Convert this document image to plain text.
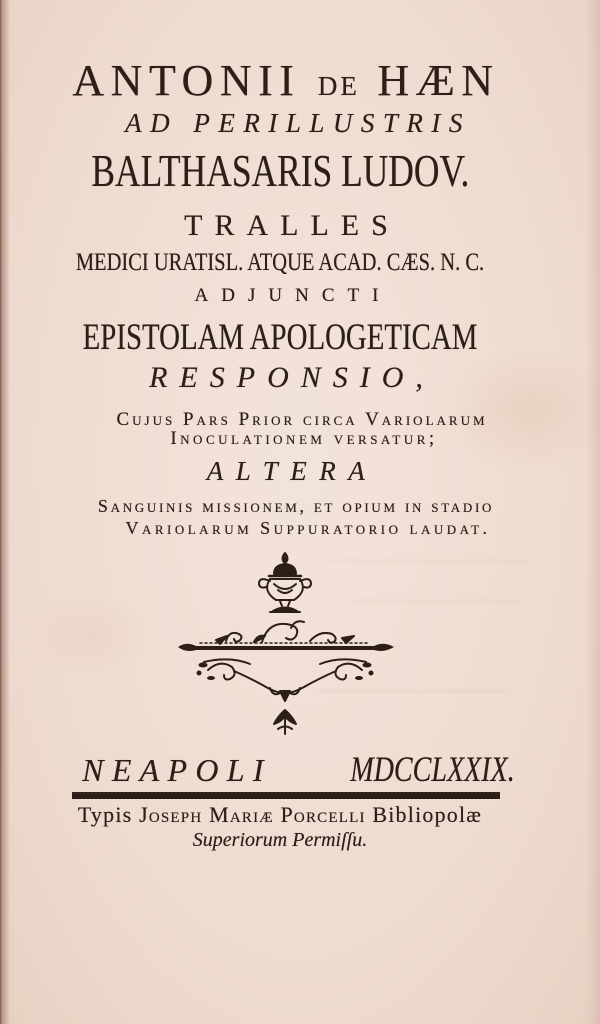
ANTONII DE HÆN
AD PERILLUSTRIS
BALTHASARIS LUDOV.
TRALLES
MEDICI URATISL. ATQUE ACAD. CÆS. N. C.
ADJUNCTI
EPISTOLAM APOLOGETICAM
RESPONSIO,
Cujus Pars Prior circa Variolarum
Inoculationem versatur;
ALTERA
Sanguinis missionem, et opium in stadio
Variolarum Suppuratorio laudat.
NEAPOLI MDCCLXXIX.
Typis Joseph Mariæ Porcelli Bibliopolæ
Superiorum Permiſſu.
